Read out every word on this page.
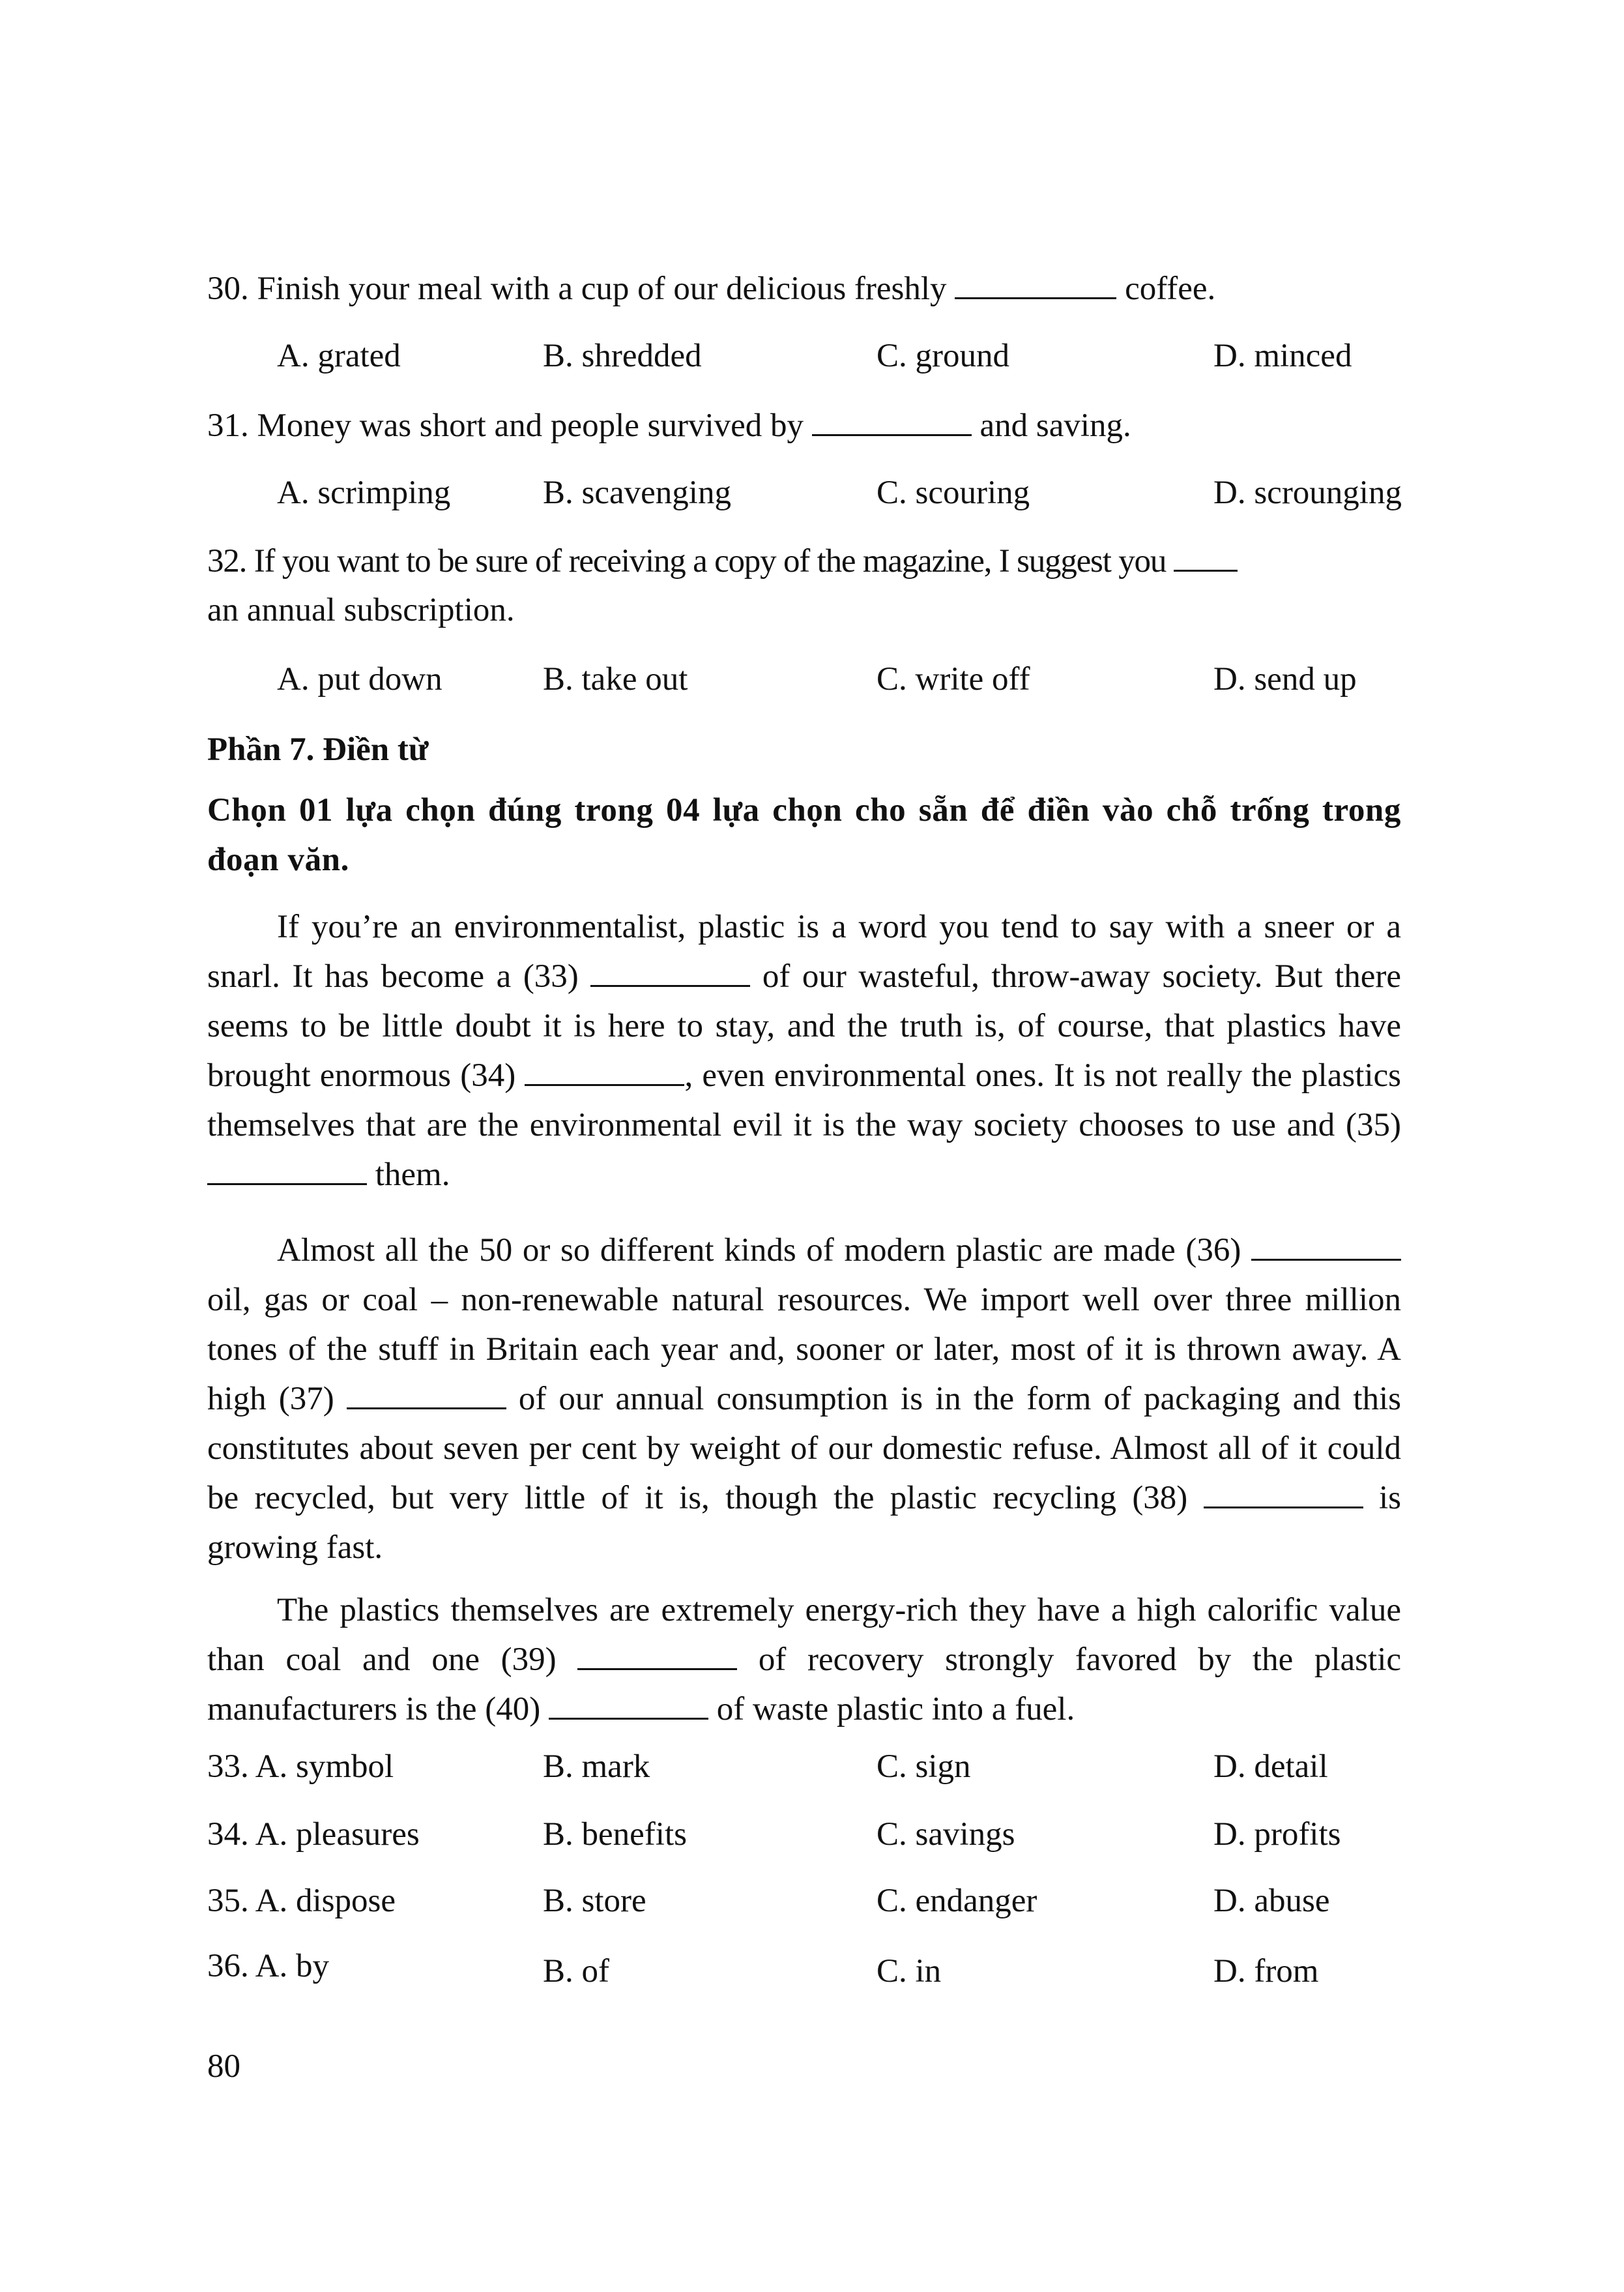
30. Finish your meal with a cup of our delicious freshly	coffee.
A. grated	B. shredded	C. ground	D. minced
31. Money was short and people survived by	and saving.
A. scrimping	B. scavenging	C. scouring	D. scrounging
32. If you want to be sure of receiving a copy of the magazine, I suggest you
an annual subscription.
A. put down	B. take out	C. write off	D. send up
Phần 7. Điền từ
Chọn 01 lựa chọn đúng trong 04 lựa chọn cho sẵn để điền vào chỗ trống trong đoạn văn.
If you’re an environmentalist, plastic is a word you tend to say with a sneer or a snarl. It has become a (33)	of our wasteful, throw-away society. But there seems to be little doubt it is here to stay, and the truth is, of course, that plastics have brought enormous (34)	, even environmental ones. It is not really the plastics themselves that are the environmental evil it is the way society chooses to use and (35)  them.
Almost all the 50 or so different kinds of modern plastic are made (36)  oil, gas or coal – non-renewable natural resources. We import well over three million tones of the stuff in Britain each year and, sooner or later, most of it is thrown away. A high (37)	of our annual consumption is in the form of packaging and this constitutes about seven per cent by weight of our domestic refuse. Almost all of it could be recycled, but very little of it is, though the plastic recycling (38)	is growing fast.
The plastics themselves are extremely energy-rich they have a high calorific value than coal and one (39)	of recovery strongly favored by the plastic manufacturers is the (40)	of waste plastic into a fuel.
33. A. symbol	B. mark	C. sign	D. detail
34. A. pleasures	B. benefits	C. savings	D. profits
35. A. dispose	B. store	C. endanger	D. abuse
36. A. by	B. of	C. in	D. from
80
